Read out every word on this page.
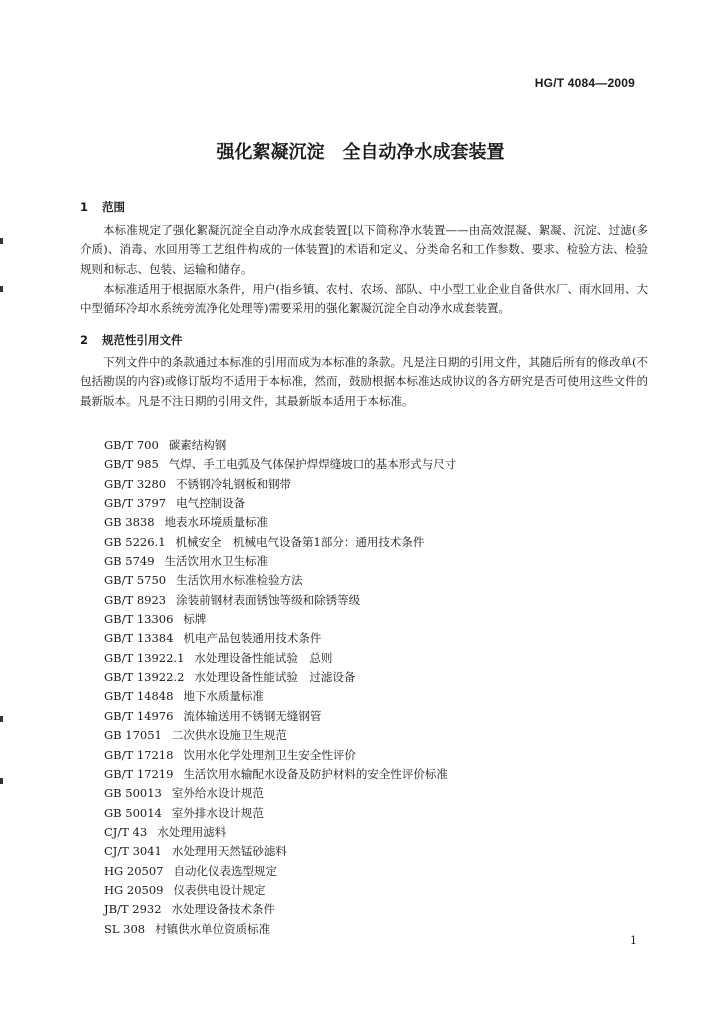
HG/T 4084—2009
强化絮凝沉淀　全自动净水成套装置
1 范围

本标准规定了强化絮凝沉淀全自动净水成套装置[以下简称净水装置——由高效混凝、絮凝、沉淀、过滤(多介质)、消毒、水回用等工艺组件构成的一体装置]的术语和定义、分类命名和工作参数、要求、检验方法、检验规则和标志、包装、运输和储存。

本标准适用于根据原水条件，用户(指乡镇、农村、农场、部队、中小型工业企业自备供水厂、雨水回用、大中型循环冷却水系统旁流净化处理等)需要采用的强化絮凝沉淀全自动净水成套装置。

2 规范性引用文件

下列文件中的条款通过本标准的引用而成为本标准的条款。凡是注日期的引用文件，其随后所有的修改单(不包括勘误的内容)或修订版均不适用于本标准，然而，鼓励根据本标准达成协议的各方研究是否可使用这些文件的最新版本。凡是不注日期的引用文件，其最新版本适用于本标准。

GB/T 700 碳素结构钢
GB/T 985 气焊、手工电弧及气体保护焊焊缝坡口的基本形式与尺寸
GB/T 3280 不锈钢冷轧钢板和钢带
GB/T 3797 电气控制设备
GB 3838 地表水环境质量标准
GB 5226.1 机械安全　机械电气设备第1部分：通用技术条件
GB 5749 生活饮用水卫生标准
GB/T 5750 生活饮用水标准检验方法
GB/T 8923 涂装前钢材表面锈蚀等级和除锈等级
GB/T 13306 标牌
GB/T 13384 机电产品包装通用技术条件
GB/T 13922.1 水处理设备性能试验　总则
GB/T 13922.2 水处理设备性能试验　过滤设备
GB/T 14848 地下水质量标准
GB/T 14976 流体输送用不锈钢无缝钢管
GB 17051 二次供水设施卫生规范
GB/T 17218 饮用水化学处理剂卫生安全性评价
GB/T 17219 生活饮用水输配水设备及防护材料的安全性评价标准
GB 50013 室外给水设计规范
GB 50014 室外排水设计规范
CJ/T 43 水处理用滤料
CJ/T 3041 水处理用天然锰砂滤料
HG 20507 自动化仪表选型规定
HG 20509 仪表供电设计规定
JB/T 2932 水处理设备技术条件
SL 308 村镇供水单位资质标准
1
